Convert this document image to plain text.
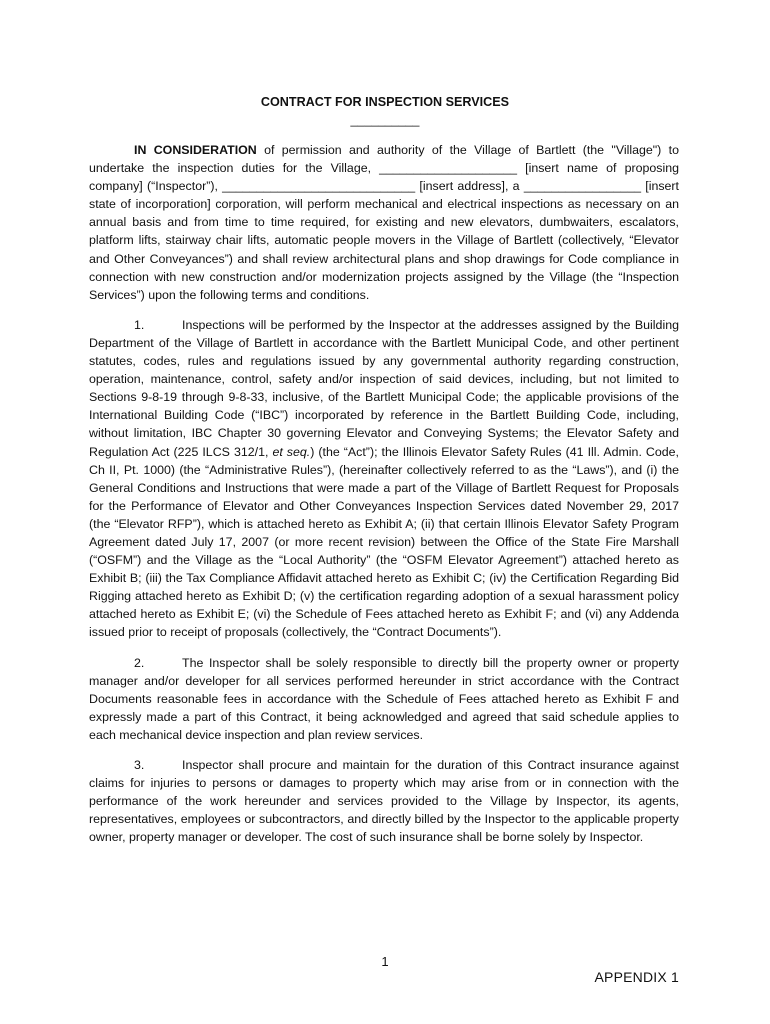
CONTRACT FOR INSPECTION SERVICES
__________

IN CONSIDERATION of permission and authority of the Village of Bartlett (the "Village") to undertake the inspection duties for the Village, ____________________ [insert name of proposing company] (“Inspector”), ____________________________ [insert address], a _________________ [insert state of incorporation] corporation, will perform mechanical and electrical inspections as necessary on an annual basis and from time to time required, for existing and new elevators, dumbwaiters, escalators, platform lifts, stairway chair lifts, automatic people movers in the Village of Bartlett (collectively, “Elevator and Other Conveyances”) and shall review architectural plans and shop drawings for Code compliance in connection with new construction and/or modernization projects assigned by the Village (the “Inspection Services”) upon the following terms and conditions.

1.	Inspections will be performed by the Inspector at the addresses assigned by the Building Department of the Village of Bartlett in accordance with the Bartlett Municipal Code, and other pertinent statutes, codes, rules and regulations issued by any governmental authority regarding construction, operation, maintenance, control, safety and/or inspection of said devices, including, but not limited to Sections 9-8-19 through 9-8-33, inclusive, of the Bartlett Municipal Code; the applicable provisions of the International Building Code (“IBC”) incorporated by reference in the Bartlett Building Code, including, without limitation, IBC Chapter 30 governing Elevator and Conveying Systems; the Elevator Safety and Regulation Act (225 ILCS 312/1, et seq.) (the “Act”); the Illinois Elevator Safety Rules (41 Ill. Admin. Code, Ch II, Pt. 1000) (the “Administrative Rules”), (hereinafter collectively referred to as the “Laws”), and (i) the General Conditions and Instructions that were made a part of the Village of Bartlett Request for Proposals for the Performance of Elevator and Other Conveyances Inspection Services dated November 29, 2017 (the “Elevator RFP”), which is attached hereto as Exhibit A; (ii) that certain Illinois Elevator Safety Program Agreement dated July 17, 2007 (or more recent revision) between the Office of the State Fire Marshall (“OSFM”) and the Village as the “Local Authority” (the “OSFM Elevator Agreement”) attached hereto as Exhibit B; (iii) the Tax Compliance Affidavit attached hereto as Exhibit C; (iv) the Certification Regarding Bid Rigging attached hereto as Exhibit D; (v) the certification regarding adoption of a sexual harassment policy attached hereto as Exhibit E; (vi) the Schedule of Fees attached hereto as Exhibit F; and (vi) any Addenda issued prior to receipt of proposals (collectively, the “Contract Documents”).

2.	The Inspector shall be solely responsible to directly bill the property owner or property manager and/or developer for all services performed hereunder in strict accordance with the Contract Documents reasonable fees in accordance with the Schedule of Fees attached hereto as Exhibit F and expressly made a part of this Contract, it being acknowledged and agreed that said schedule applies to each mechanical device inspection and plan review services.

3.	Inspector shall procure and maintain for the duration of this Contract insurance against claims for injuries to persons or damages to property which may arise from or in connection with the performance of the work hereunder and services provided to the Village by Inspector, its agents, representatives, employees or subcontractors, and directly billed by the Inspector to the applicable property owner, property manager or developer. The cost of such insurance shall be borne solely by Inspector.

1
APPENDIX 1
